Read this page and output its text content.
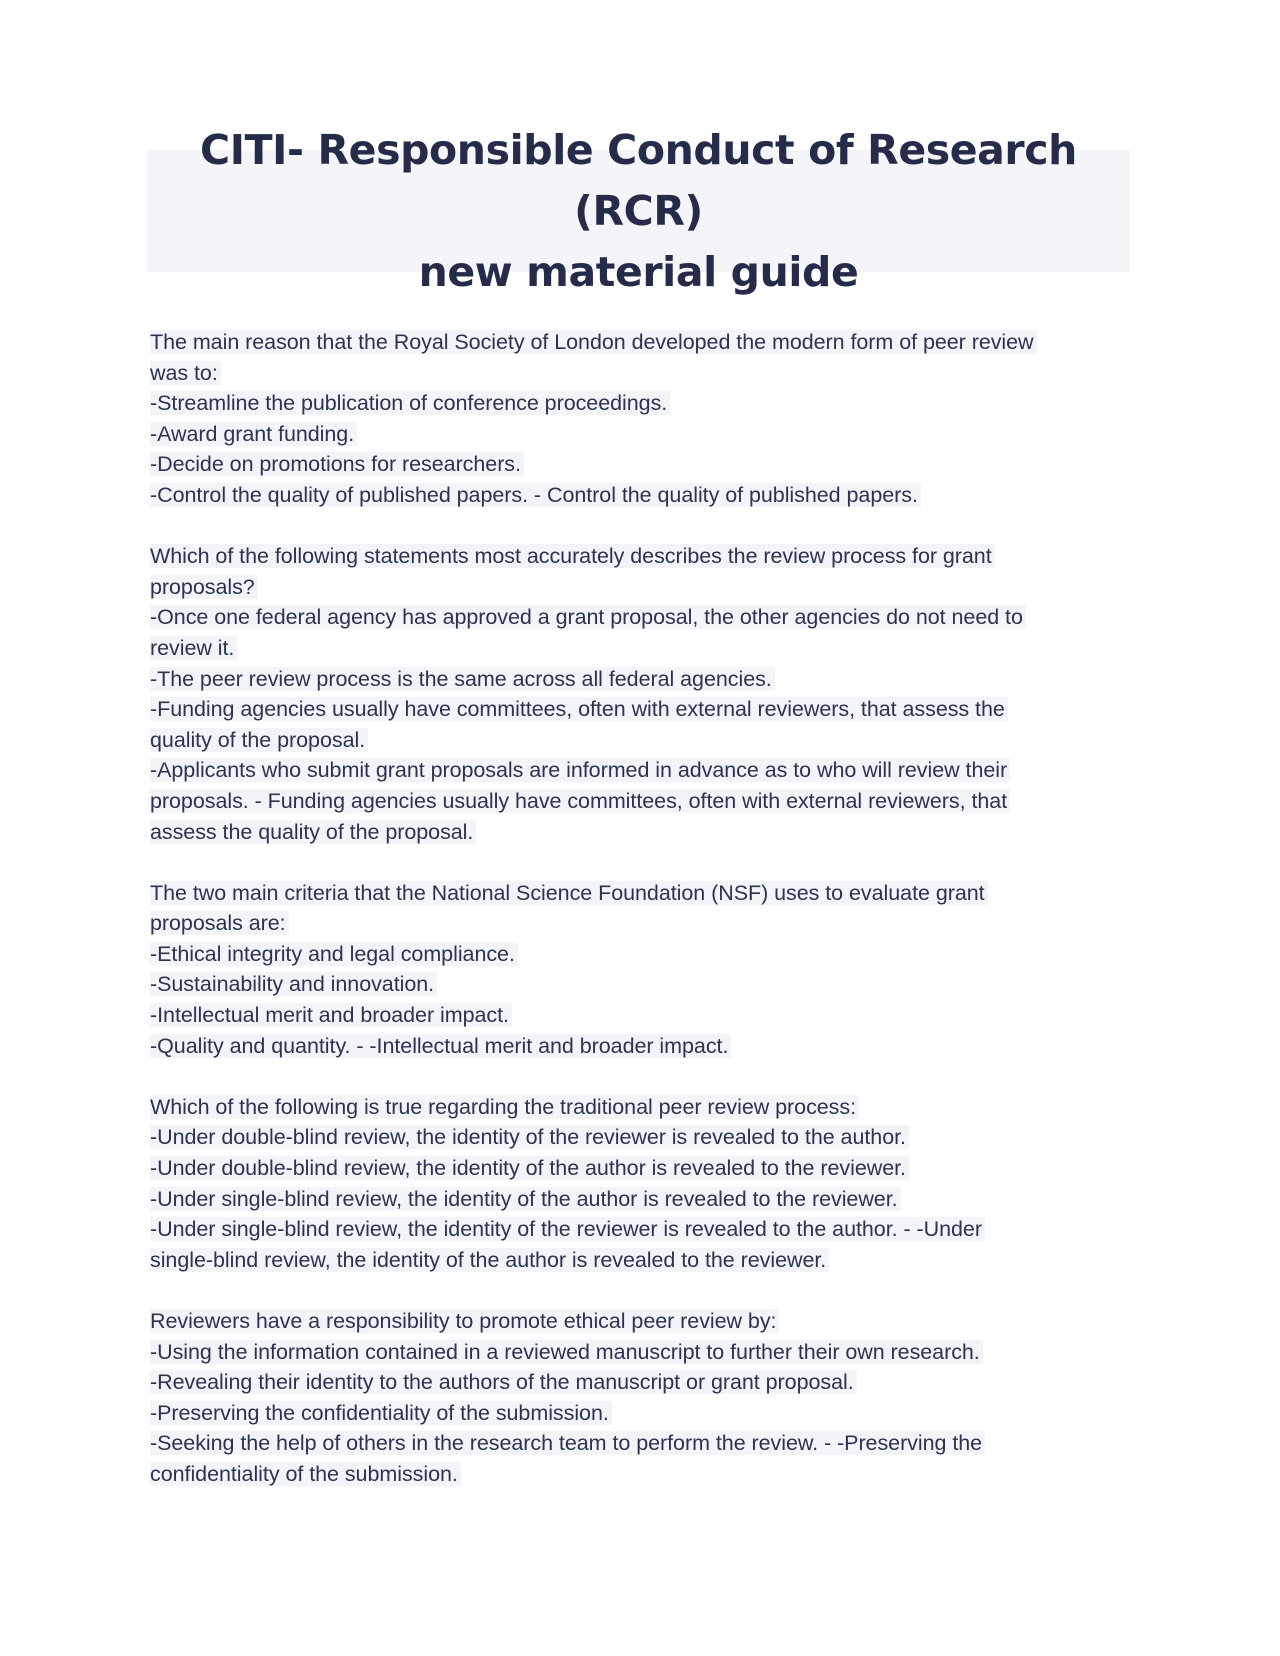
CITI- Responsible Conduct of Research (RCR)
new material guide

The main reason that the Royal Society of London developed the modern form of peer review
was to:
-Streamline the publication of conference proceedings.
-Award grant funding.
-Decide on promotions for researchers.
-Control the quality of published papers. - Control the quality of published papers.

Which of the following statements most accurately describes the review process for grant
proposals?
-Once one federal agency has approved a grant proposal, the other agencies do not need to
review it.
-The peer review process is the same across all federal agencies.
-Funding agencies usually have committees, often with external reviewers, that assess the
quality of the proposal.
-Applicants who submit grant proposals are informed in advance as to who will review their
proposals. - Funding agencies usually have committees, often with external reviewers, that
assess the quality of the proposal.

The two main criteria that the National Science Foundation (NSF) uses to evaluate grant
proposals are:
-Ethical integrity and legal compliance.
-Sustainability and innovation.
-Intellectual merit and broader impact.
-Quality and quantity. - -Intellectual merit and broader impact.

Which of the following is true regarding the traditional peer review process:
-Under double-blind review, the identity of the reviewer is revealed to the author.
-Under double-blind review, the identity of the author is revealed to the reviewer.
-Under single-blind review, the identity of the author is revealed to the reviewer.
-Under single-blind review, the identity of the reviewer is revealed to the author. - -Under
single-blind review, the identity of the author is revealed to the reviewer.

Reviewers have a responsibility to promote ethical peer review by:
-Using the information contained in a reviewed manuscript to further their own research.
-Revealing their identity to the authors of the manuscript or grant proposal.
-Preserving the confidentiality of the submission.
-Seeking the help of others in the research team to perform the review. - -Preserving the
confidentiality of the submission.
